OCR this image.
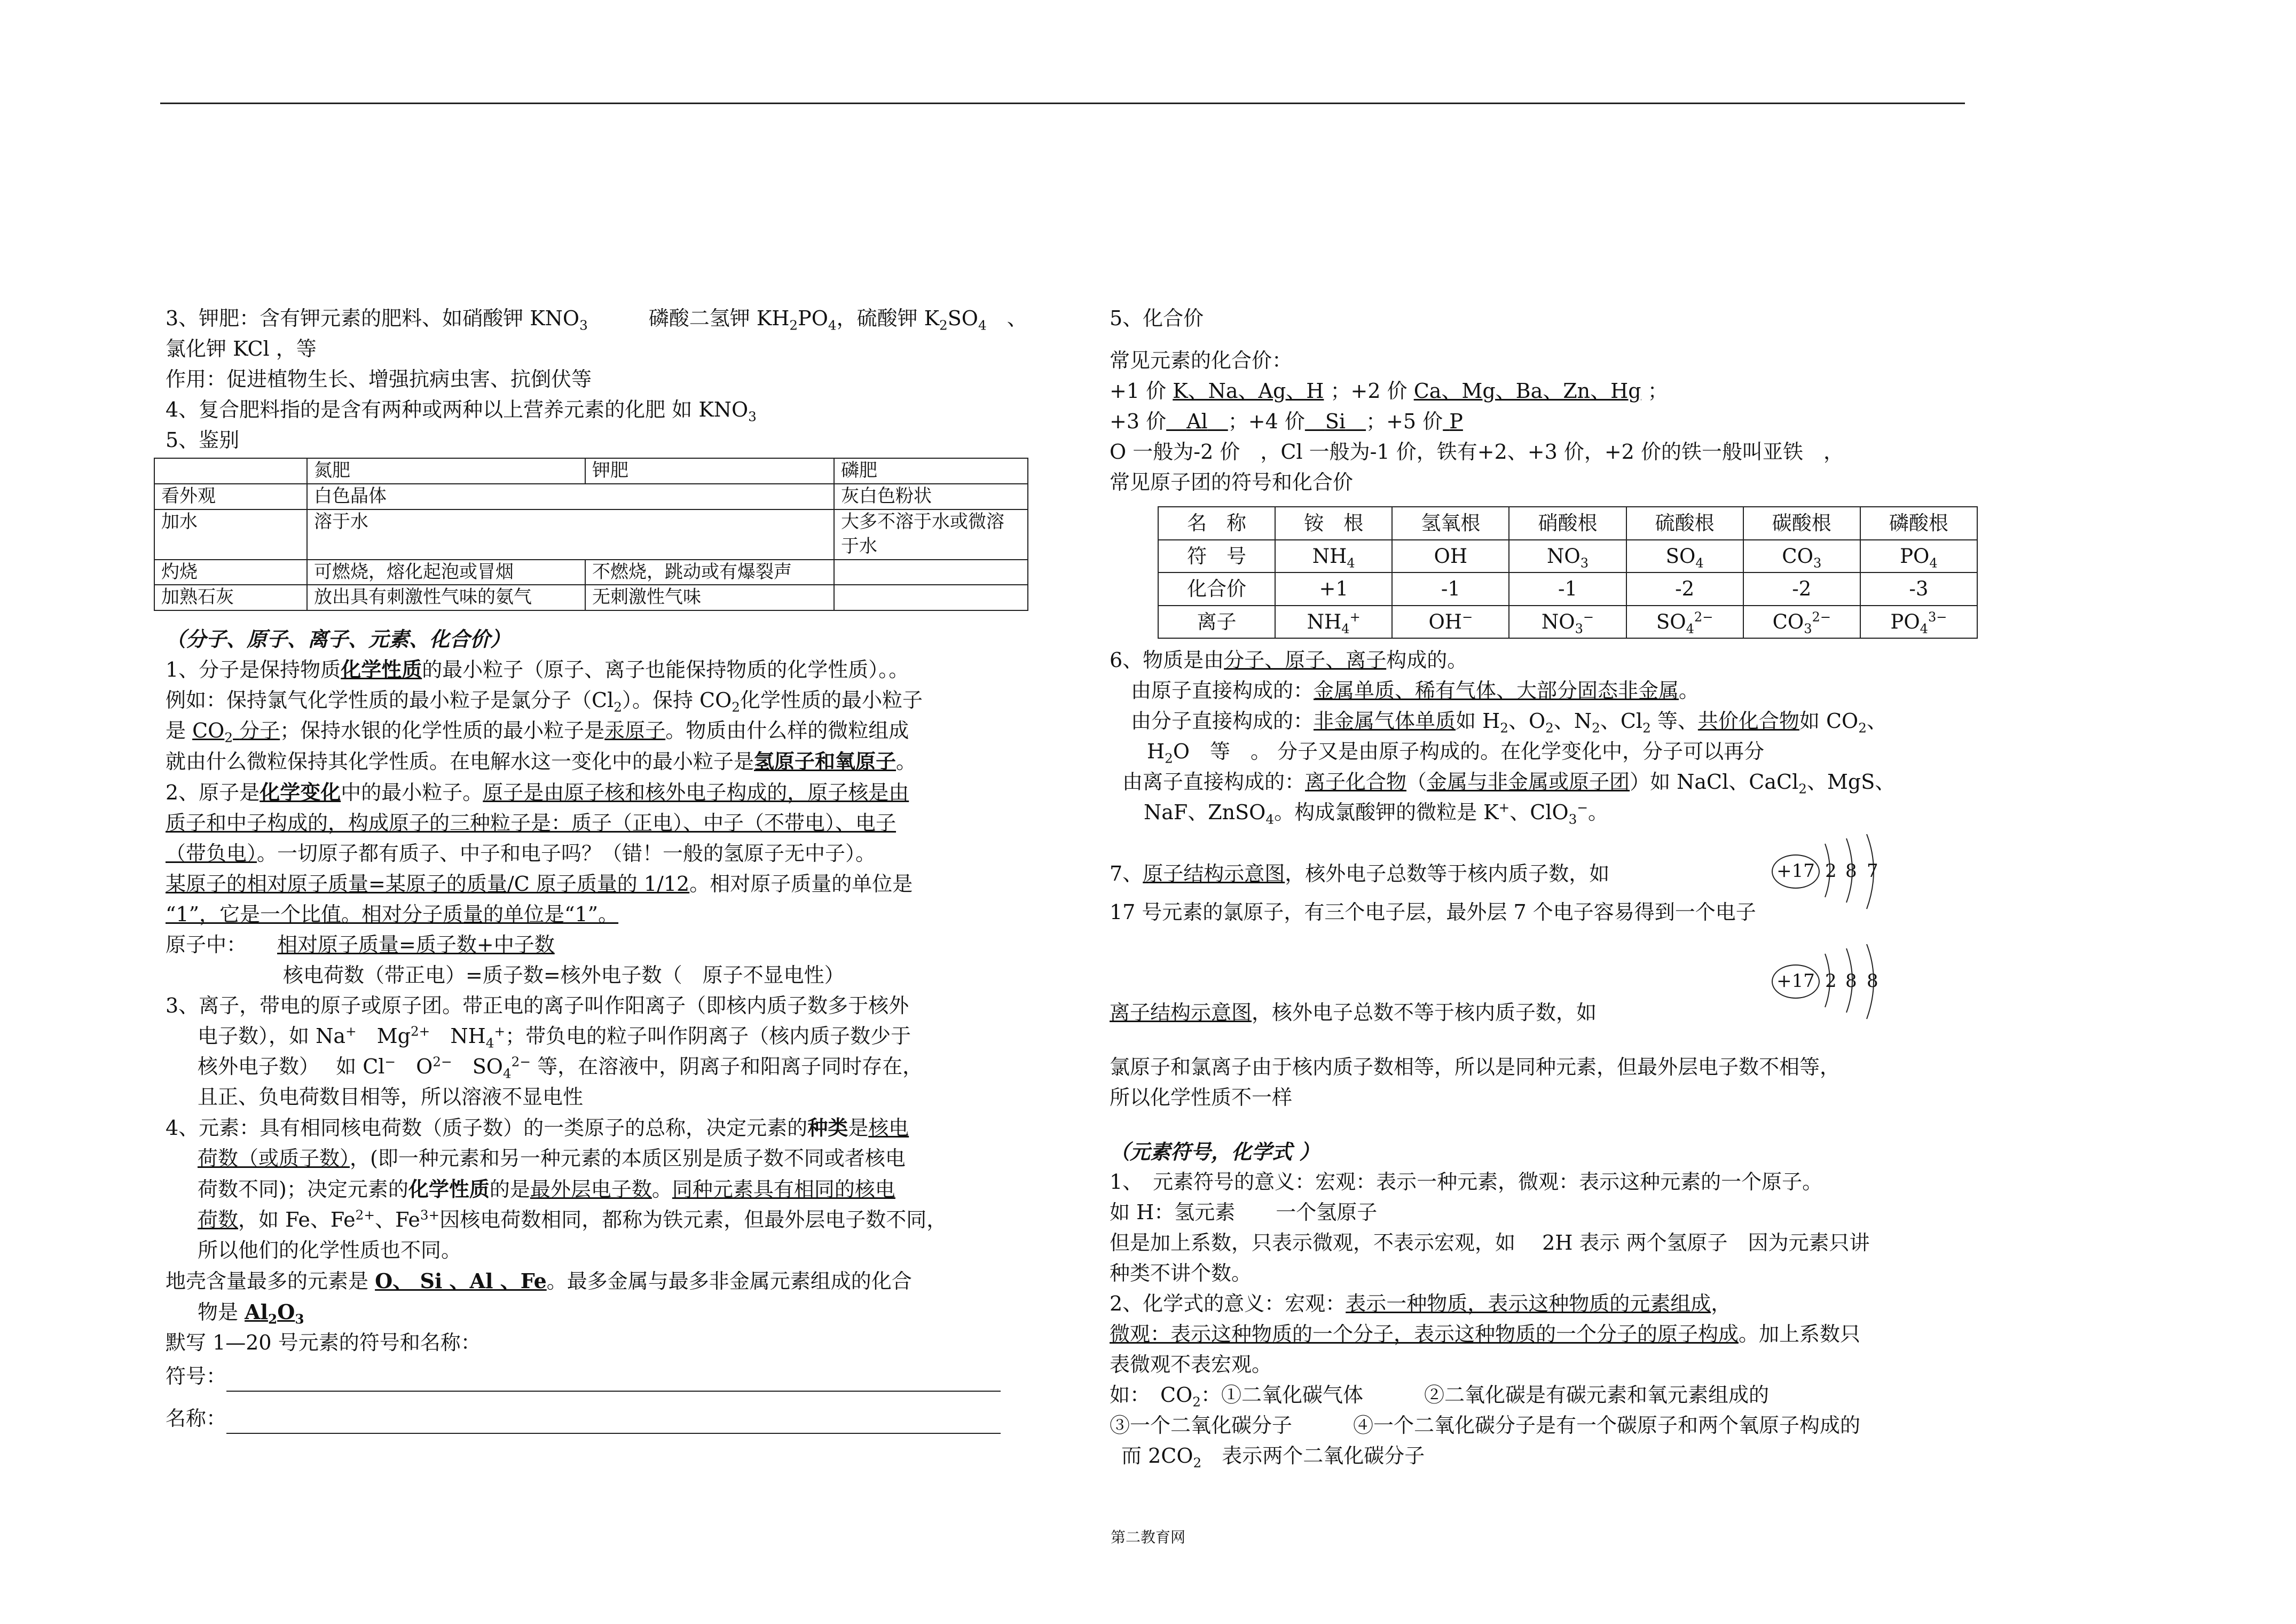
3、钾肥：含有钾元素的肥料、如硝酸钾 $KNO_3$　　　	磷酸二氢钾 $KH_2PO_4$，硫酸钾 $K_2SO_4$　 、
氯化钾 KCl ，等
作用：促进植物生长、增强抗病虫害、抗倒伏等
4、复合肥料指的是含有两种或两种以上营养元素的化肥 如 $KNO_3$
5、鉴别
	氮肥	钾肥	磷肥
看外观	白色晶体		灰白色粉状
加水	溶于水		大多不溶于水或微溶于水
灼烧	可燃烧，熔化起泡或冒烟	不燃烧，跳动或有爆裂声	
加熟石灰	放出具有刺激性气味的氨气	无刺激性气味	
（分子、原子、离子、元素、化合价）
1、分子是保持物质化学性质的最小粒子（原子、离子也能保持物质的化学性质）。。
例如：保持氯气化学性质的最小粒子是氯分子$(Cl_2)$。保持 $CO_2$化学性质的最小粒子
是 $CO_2$ 分子；保持水银的化学性质的最小粒子是汞原子。物质由什么样的微粒组成
就由什么微粒保持其化学性质。在电解水这一变化中的最小粒子是氢原子和氧原子。
2、原子是化学变化中的最小粒子。原子是由原子核和核外电子构成的，原子核是由
质子和中子构成的，构成原子的三种粒子是：质子（正电）、中子（不带电）、电子
（带负电）。一切原子都有质子、中子和电子吗？（错！一般的氢原子无中子）。
某原子的相对原子质量=某原子的质量/C 原子质量的 1/12。相对原子质量的单位是
“1”，它是一个比值。相对分子质量的单位是“1”。
原子中：　　 相对原子质量=质子数+中子数
核电荷数（带正电）=质子数=核外电子数（　原子不显电性）
3、离子，带电的原子或原子团。带正电的离子叫作阳离子（即核内质子数多于核外
电子数），如 Na+　$Mg^{2+}$　$NH_4^+$；带负电的粒子叫作阴离子（核内质子数少于
核外电子数）　 如 Cl−　 $O^{2-}$　 $SO_4^{2-}$ 等，在溶液中，阴离子和阳离子同时存在，
且正、负电荷数目相等，所以溶液不显电性
4、元素：具有相同核电荷数（质子数）的一类原子的总称，决定元素的种类是核电
荷数（或质子数），(即一种元素和另一种元素的本质区别是质子数不同或者核电
荷数不同)；决定元素的化学性质的是最外层电子数。同种元素具有相同的核电
荷数，如 Fe、$Fe^{2+}$、$Fe^{3+}$因核电荷数相同，都称为铁元素，但最外层电子数不同，
所以他们的化学性质也不同。
地壳含量最多的元素是 O、 Si 、Al 、Fe。最多金属与最多非金属元素组成的化合
物是 $Al_2O_3$
默写 1—20 号元素的符号和名称：
符号：
名称：
5、化合价
常见元素的化合价：
+1 价 K、Na、Ag、H ；+2 价 Ca、Mg、Ba、Zn、Hg ；
+3 价　 Al　 ；+4 价　 Si　 ；+5 价 P
O 一般为-2 价　，Cl 一般为-1 价，铁有+2、+3 价，+2 价的铁一般叫亚铁　，
常见原子团的符号和化合价
名　称	铵　根	氢氧根	硝酸根	硫酸根	碳酸根	磷酸根
符　号	$NH_4$	OH	$NO_3$	$SO_4$	$CO_3$	$PO_4$
化合价	+1	-1	-1	-2	-2	-3
离子	$NH_4^+$	OH−	$NO_3^-$	$SO_4^{2-}$	$CO_3^{2-}$	$PO_4^{3-}$
6、物质是由分子、原子、离子构成的。
由原子直接构成的：金属单质、稀有气体、大部分固态非金属。
由分子直接构成的：非金属气体单质如 $H_2$、$O_2$、$N_2$、$Cl_2$ 等、共价化合物如 $CO_2$、
$H_2O$　等　。 分子又是由原子构成的。在化学变化中，分子可以再分
由离子直接构成的：离子化合物（金属与非金属或原子团）如 NaCl、CaCl$_2$、MgS、
NaF、ZnSO$_4$。构成氯酸钾的微粒是 K+、ClO$_3$−。
7、原子结构示意图，核外电子总数等于核内质子数，如
17 号元素的氯原子，有三个电子层，最外层 7 个电子容易得到一个电子
离子结构示意图，核外电子总数不等于核内质子数，如
+17 2 8 7
+17 2 8 8
氯原子和氯离子由于核内质子数相等，所以是同种元素，但最外层电子数不相等，
所以化学性质不一样
（元素符号，化学式 ）
1、　元素符号的意义：宏观：表示一种元素，微观：表示这种元素的一个原子。
如 H：氢元素　　一个氢原子
但是加上系数，只表示微观，不表示宏观，如　 2H 表示 两个氢原子　因为元素只讲
种类不讲个数。
2、化学式的意义：宏观：表示一种物质，表示这种物质的元素组成，
微观：表示这种物质的一个分子，表示这种物质的一个分子的原子构成。加上系数只
表微观不表宏观。
如：　$CO_2$：①二氧化碳气体　　　②二氧化碳是有碳元素和氧元素组成的
③一个二氧化碳分子　　　④一个二氧化碳分子是有一个碳原子和两个氧原子构成的
而 $2CO_2$　 表示两个二氧化碳分子
第二教育网
